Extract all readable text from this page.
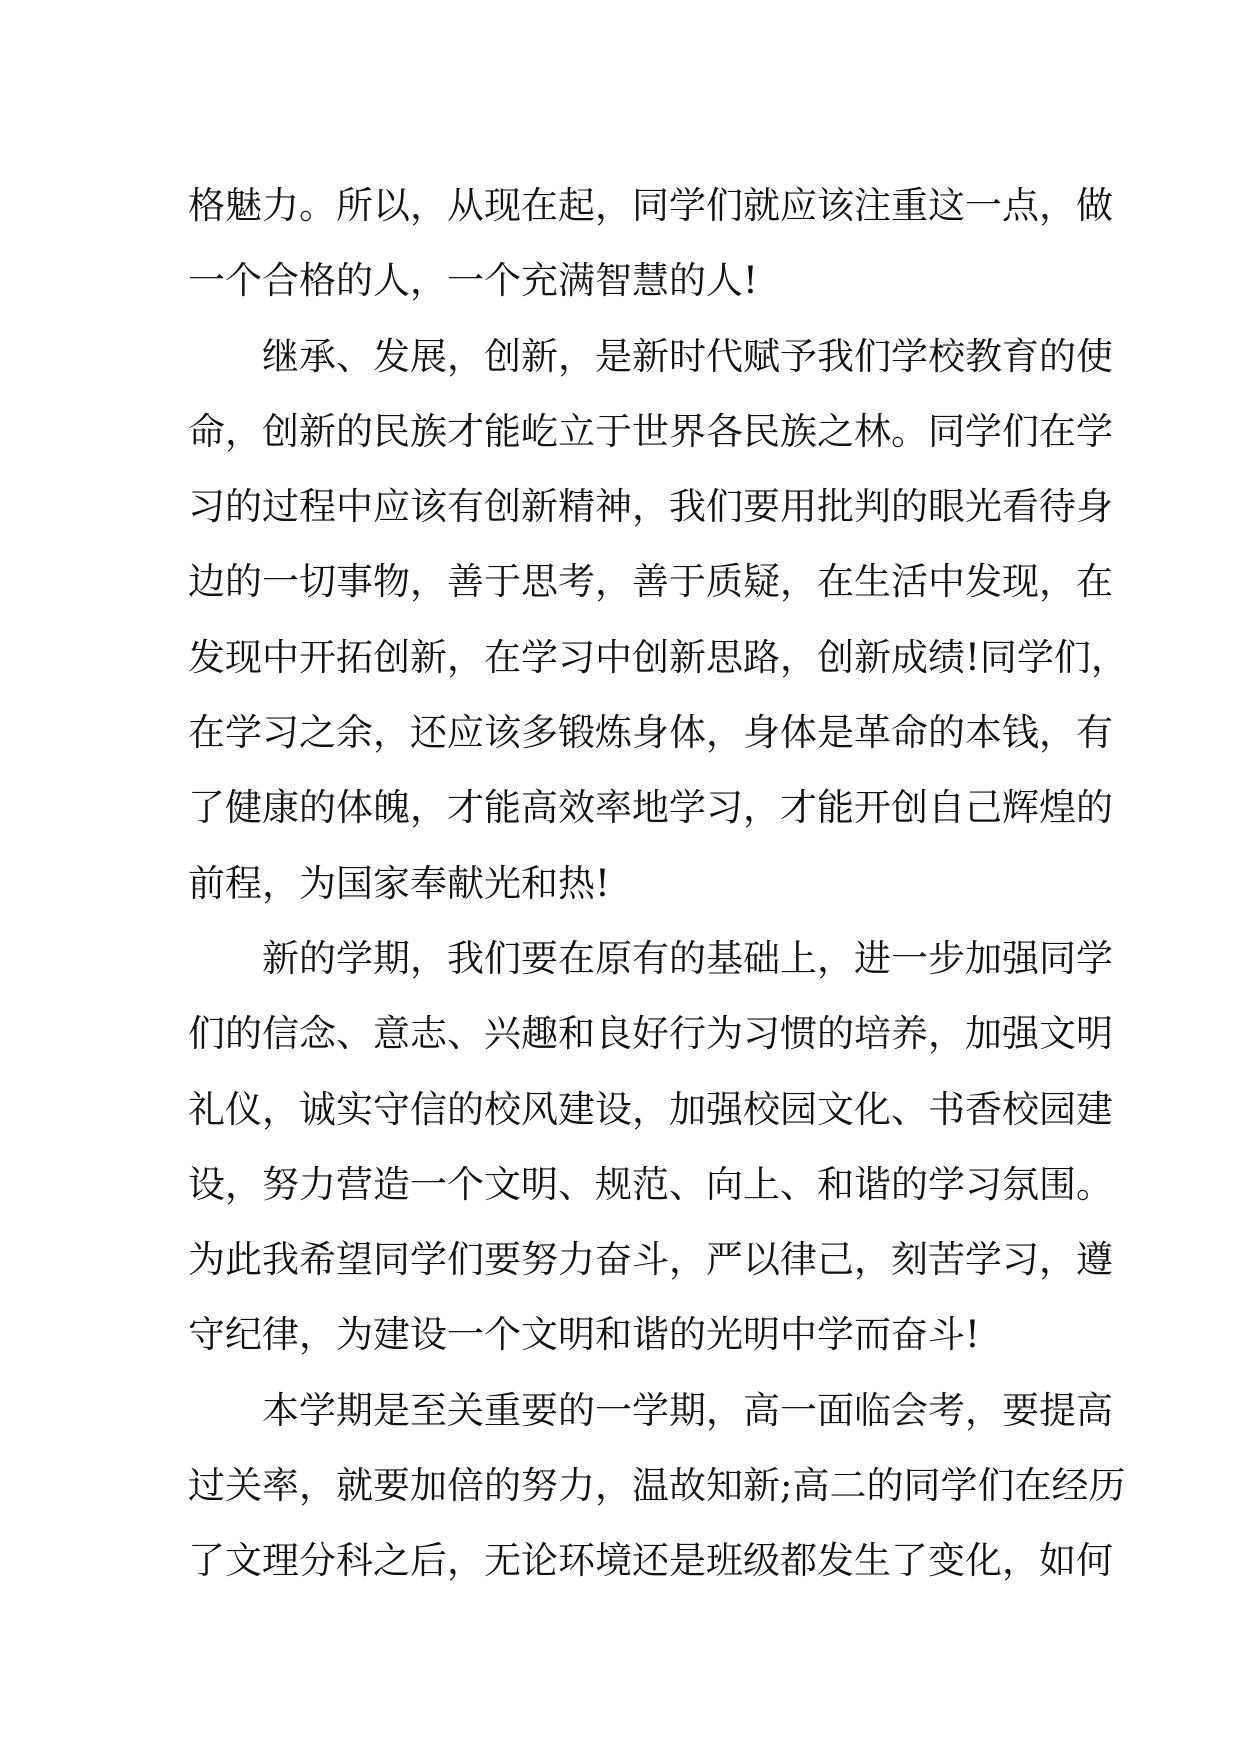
格魅力。所以，从现在起，同学们就应该注重这一点，做
一个合格的人，一个充满智慧的人!
继承、发展，创新，是新时代赋予我们学校教育的使
命，创新的民族才能屹立于世界各民族之林。同学们在学
习的过程中应该有创新精神，我们要用批判的眼光看待身
边的一切事物，善于思考，善于质疑，在生活中发现，在
发现中开拓创新，在学习中创新思路，创新成绩!同学们，
在学习之余，还应该多锻炼身体，身体是革命的本钱，有
了健康的体魄，才能高效率地学习，才能开创自己辉煌的
前程，为国家奉献光和热!
新的学期，我们要在原有的基础上，进一步加强同学
们的信念、意志、兴趣和良好行为习惯的培养，加强文明
礼仪，诚实守信的校风建设，加强校园文化、书香校园建
设，努力营造一个文明、规范、向上、和谐的学习氛围。
为此我希望同学们要努力奋斗，严以律己，刻苦学习，遵
守纪律，为建设一个文明和谐的光明中学而奋斗!
本学期是至关重要的一学期，高一面临会考，要提高
过关率，就要加倍的努力，温故知新;高二的同学们在经历
了文理分科之后，无论环境还是班级都发生了变化，如何
